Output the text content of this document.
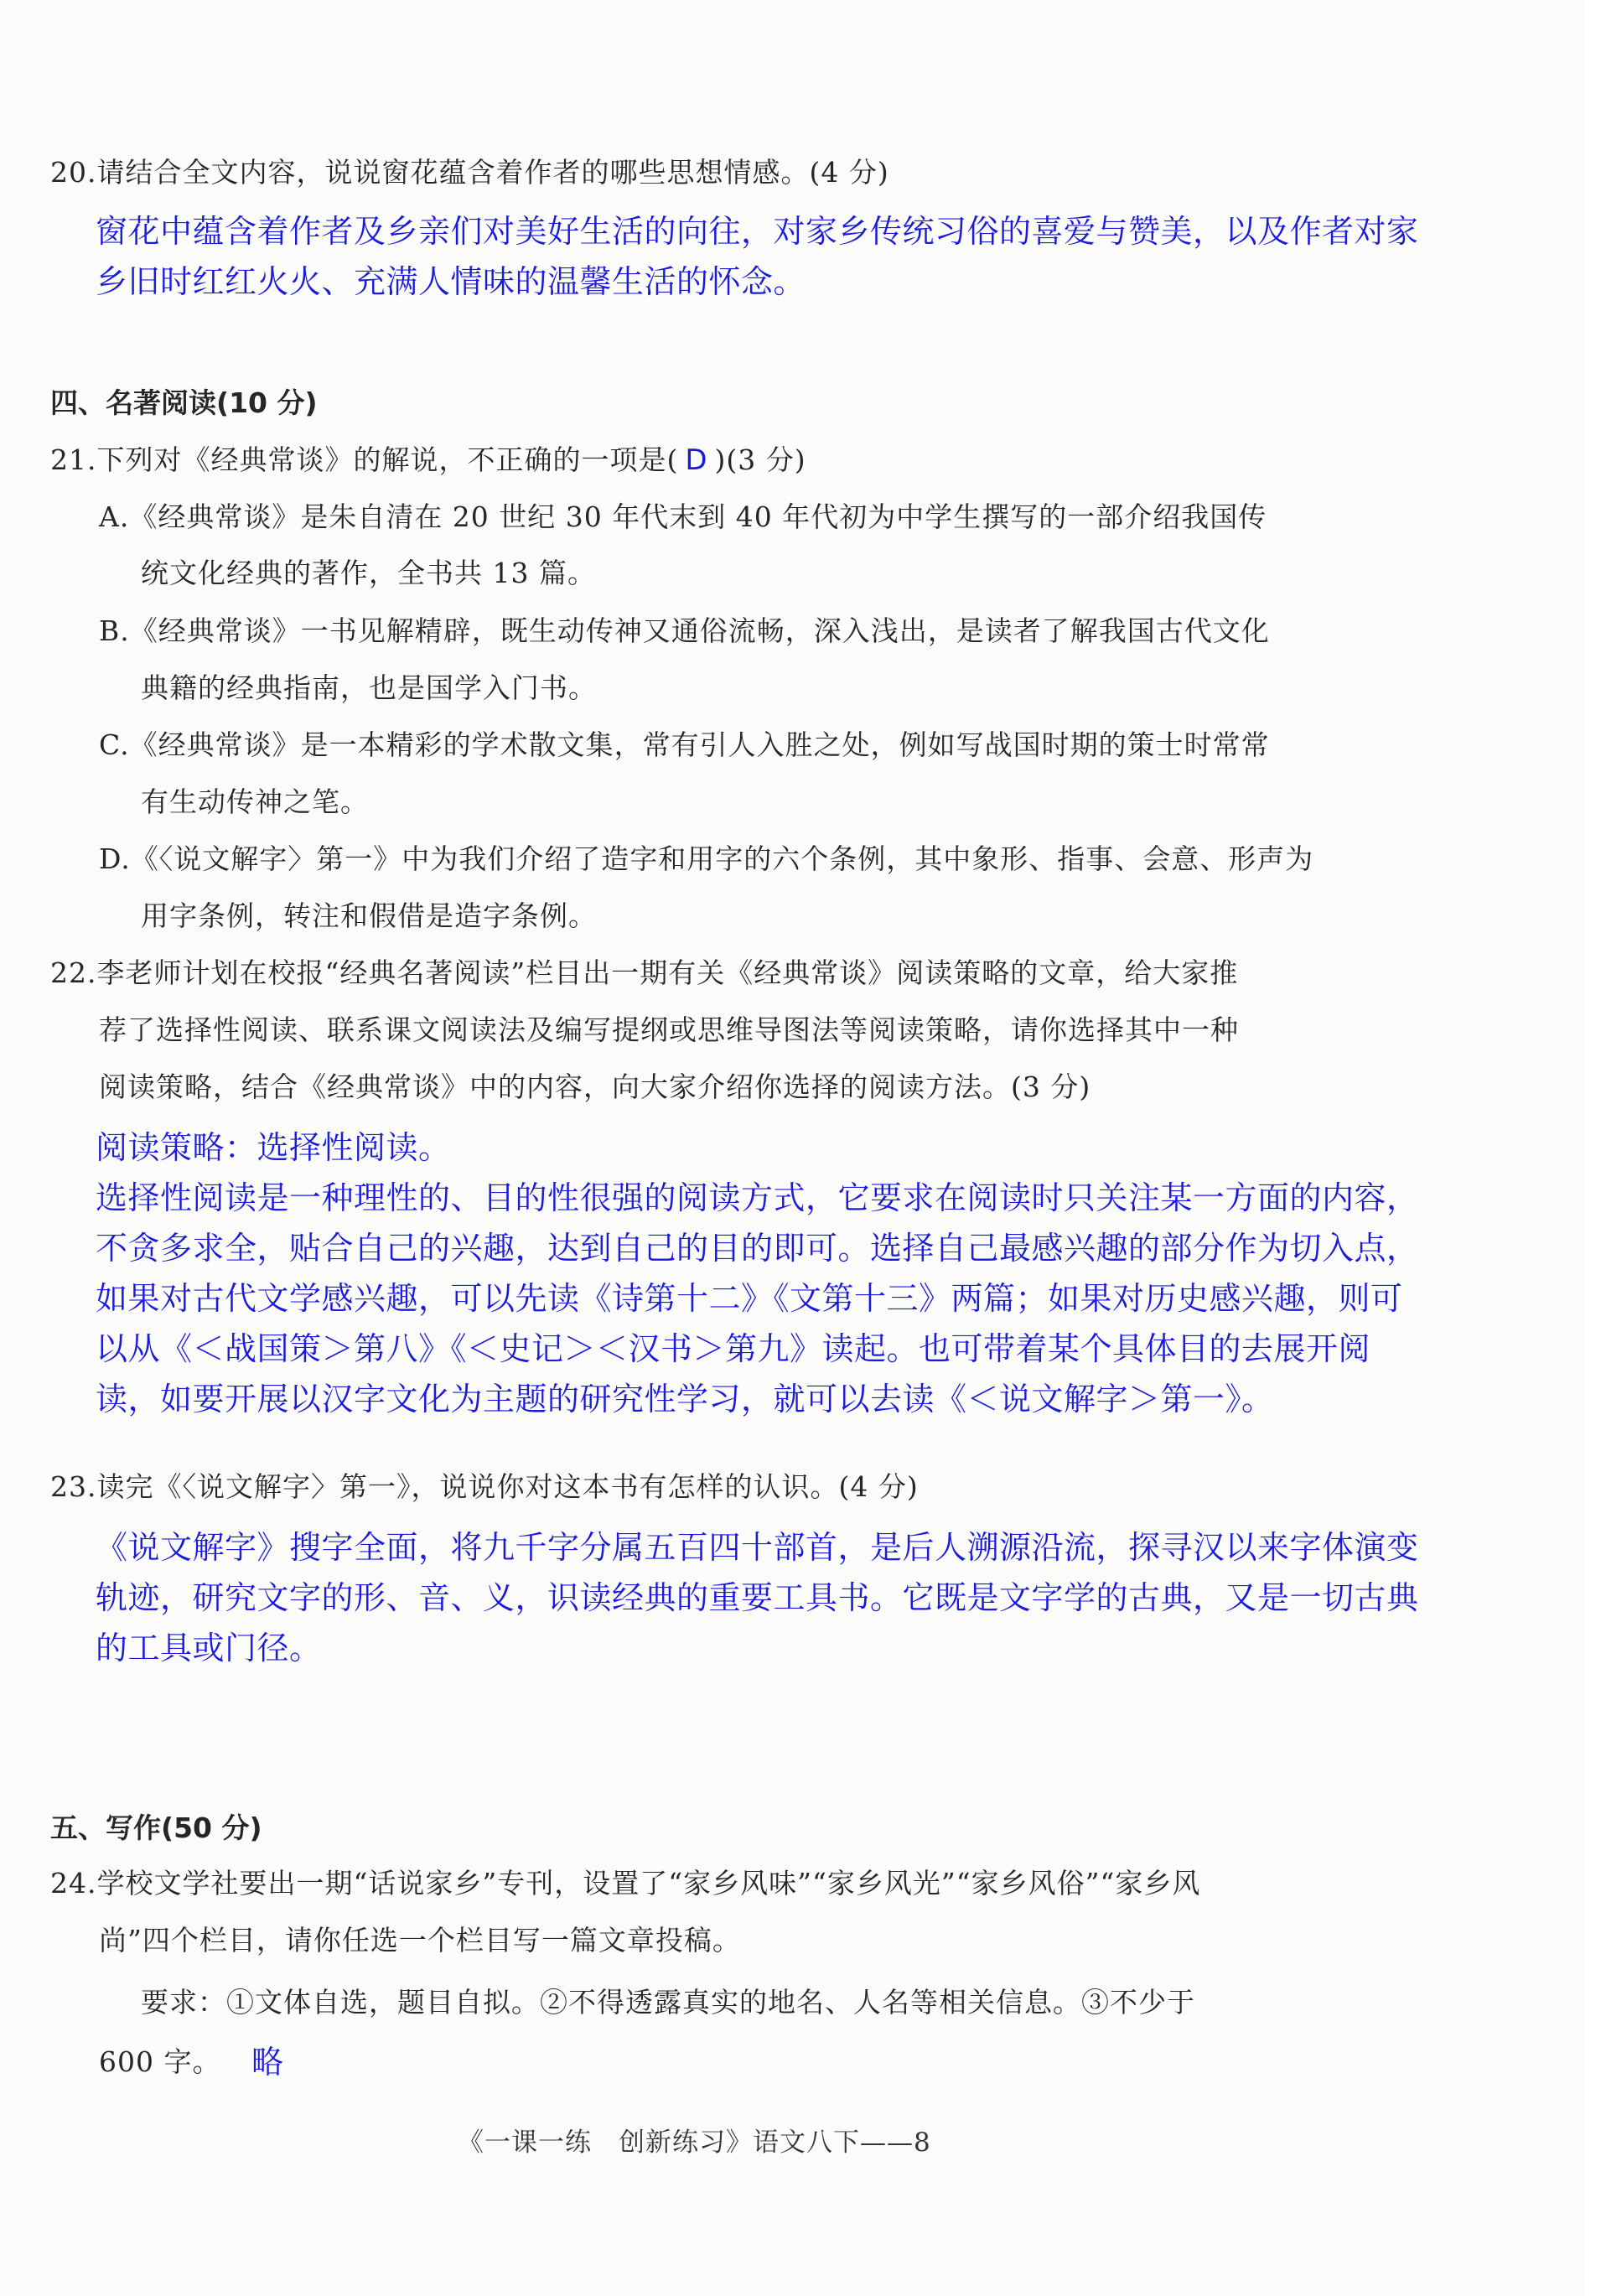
20.请结合全文内容，说说窗花蕴含着作者的哪些思想情感。(4 分)
窗花中蕴含着作者及乡亲们对美好生活的向往，对家乡传统习俗的喜爱与赞美，以及作者对家
乡旧时红红火火、充满人情味的温馨生活的怀念。
四、名著阅读(10 分)
21.下列对《经典常谈》的解说，不正确的一项是( D )(3 分)
A.《经典常谈》是朱自清在 20 世纪 30 年代末到 40 年代初为中学生撰写的一部介绍我国传
统文化经典的著作，全书共 13 篇。
B.《经典常谈》一书见解精辟，既生动传神又通俗流畅，深入浅出，是读者了解我国古代文化
典籍的经典指南，也是国学入门书。
C.《经典常谈》是一本精彩的学术散文集，常有引人入胜之处，例如写战国时期的策士时常常
有生动传神之笔。
D.《〈说文解字〉第一》中为我们介绍了造字和用字的六个条例，其中象形、指事、会意、形声为
用字条例，转注和假借是造字条例。
22.李老师计划在校报“经典名著阅读”栏目出一期有关《经典常谈》阅读策略的文章，给大家推
荐了选择性阅读、联系课文阅读法及编写提纲或思维导图法等阅读策略，请你选择其中一种
阅读策略，结合《经典常谈》中的内容，向大家介绍你选择的阅读方法。(3 分)
阅读策略：选择性阅读。
选择性阅读是一种理性的、目的性很强的阅读方式，它要求在阅读时只关注某一方面的内容，
不贪多求全，贴合自己的兴趣，达到自己的目的即可。选择自己最感兴趣的部分作为切入点，
如果对古代文学感兴趣，可以先读《诗第十二》《文第十三》两篇；如果对历史感兴趣，则可
以从《＜战国策＞第八》《＜史记＞＜汉书＞第九》读起。也可带着某个具体目的去展开阅
读，如要开展以汉字文化为主题的研究性学习，就可以去读《＜说文解字＞第一》。
23.读完《〈说文解字〉第一》，说说你对这本书有怎样的认识。(4 分)
《说文解字》搜字全面，将九千字分属五百四十部首，是后人溯源沿流，探寻汉以来字体演变
轨迹，研究文字的形、音、义，识读经典的重要工具书。它既是文字学的古典，又是一切古典
的工具或门径。
五、写作(50 分)
24.学校文学社要出一期“话说家乡”专刊，设置了“家乡风味”“家乡风光”“家乡风俗”“家乡风
尚”四个栏目，请你任选一个栏目写一篇文章投稿。
要求：①文体自选，题目自拟。②不得透露真实的地名、人名等相关信息。③不少于
600 字。 略
《一课一练　创新练习》语文八下——8
